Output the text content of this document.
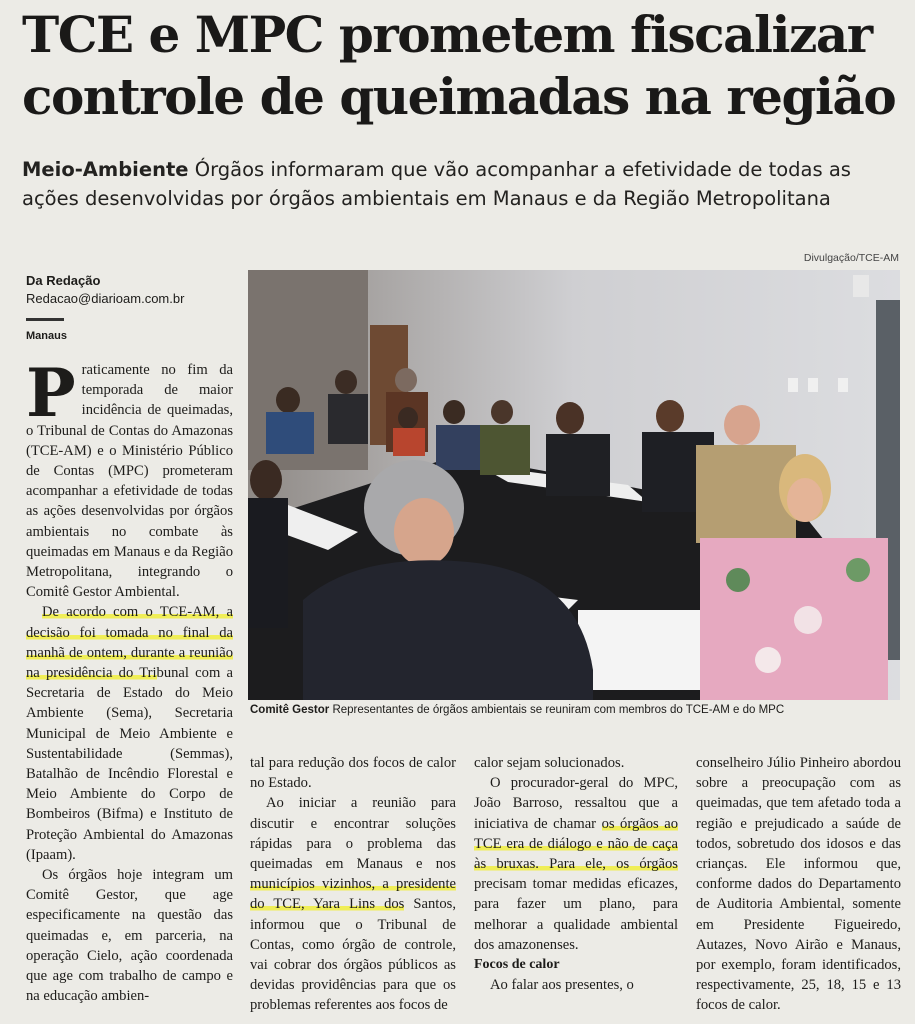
TCE e MPC prometem fiscalizar controle de queimadas na região
Meio-Ambiente Órgãos informaram que vão acompanhar a efetividade de todas as ações desenvolvidas por órgãos ambientais em Manaus e da Região Metropolitana
Da Redação
Redacao@diarioam.com.br
Manaus
Divulgação/TCE-AM
Comitê Gestor Representantes de órgãos ambientais se reuniram com membros do TCE-AM e do MPC

Praticamente no fim da temporada de maior incidência de queimadas, o Tribunal de Contas do Amazonas (TCE-AM) e o Ministério Público de Contas (MPC) prometeram acompanhar a efetividade de todas as ações desenvolvidas por órgãos ambientais no combate às queimadas em Manaus e da Região Metropolitana, integrando o Comitê Gestor Ambiental.

De acordo com o TCE-AM, a decisão foi tomada no final da manhã de ontem, durante a reunião na presidência do Tribunal com a Secretaria de Estado do Meio Ambiente (Sema), Secretaria Municipal de Meio Ambiente e Sustentabilidade (Semmas), Batalhão de Incêndio Florestal e Meio Ambiente do Corpo de Bombeiros (Bifma) e Instituto de Proteção Ambiental do Amazonas (Ipaam).

Os órgãos hoje integram um Comitê Gestor, que age especificamente na questão das queimadas e, em parceria, na operação Cielo, ação coordenada que age com trabalho de campo e na educação ambien-

tal para redução dos focos de calor no Estado.

Ao iniciar a reunião para discutir e encontrar soluções rápidas para o problema das queimadas em Manaus e nos municípios vizinhos, a presidente do TCE, Yara Lins dos Santos, informou que o Tribunal de Contas, como órgão de controle, vai cobrar dos órgãos públicos as devidas providências para que os problemas referentes aos focos de

calor sejam solucionados.

O procurador-geral do MPC, João Barroso, ressaltou que a iniciativa de chamar os órgãos ao TCE era de diálogo e não de caça às bruxas. Para ele, os órgãos precisam tomar medidas eficazes, para fazer um plano, para melhorar a qualidade ambiental dos amazonenses.

Focos de calor

Ao falar aos presentes, o

conselheiro Júlio Pinheiro abordou sobre a preocupação com as queimadas, que tem afetado toda a região e prejudicado a saúde de todos, sobretudo dos idosos e das crianças. Ele informou que, conforme dados do Departamento de Auditoria Ambiental, somente em Presidente Figueiredo, Autazes, Novo Airão e Manaus, por exemplo, foram identificados, respectivamente, 25, 18, 15 e 13 focos de calor.
